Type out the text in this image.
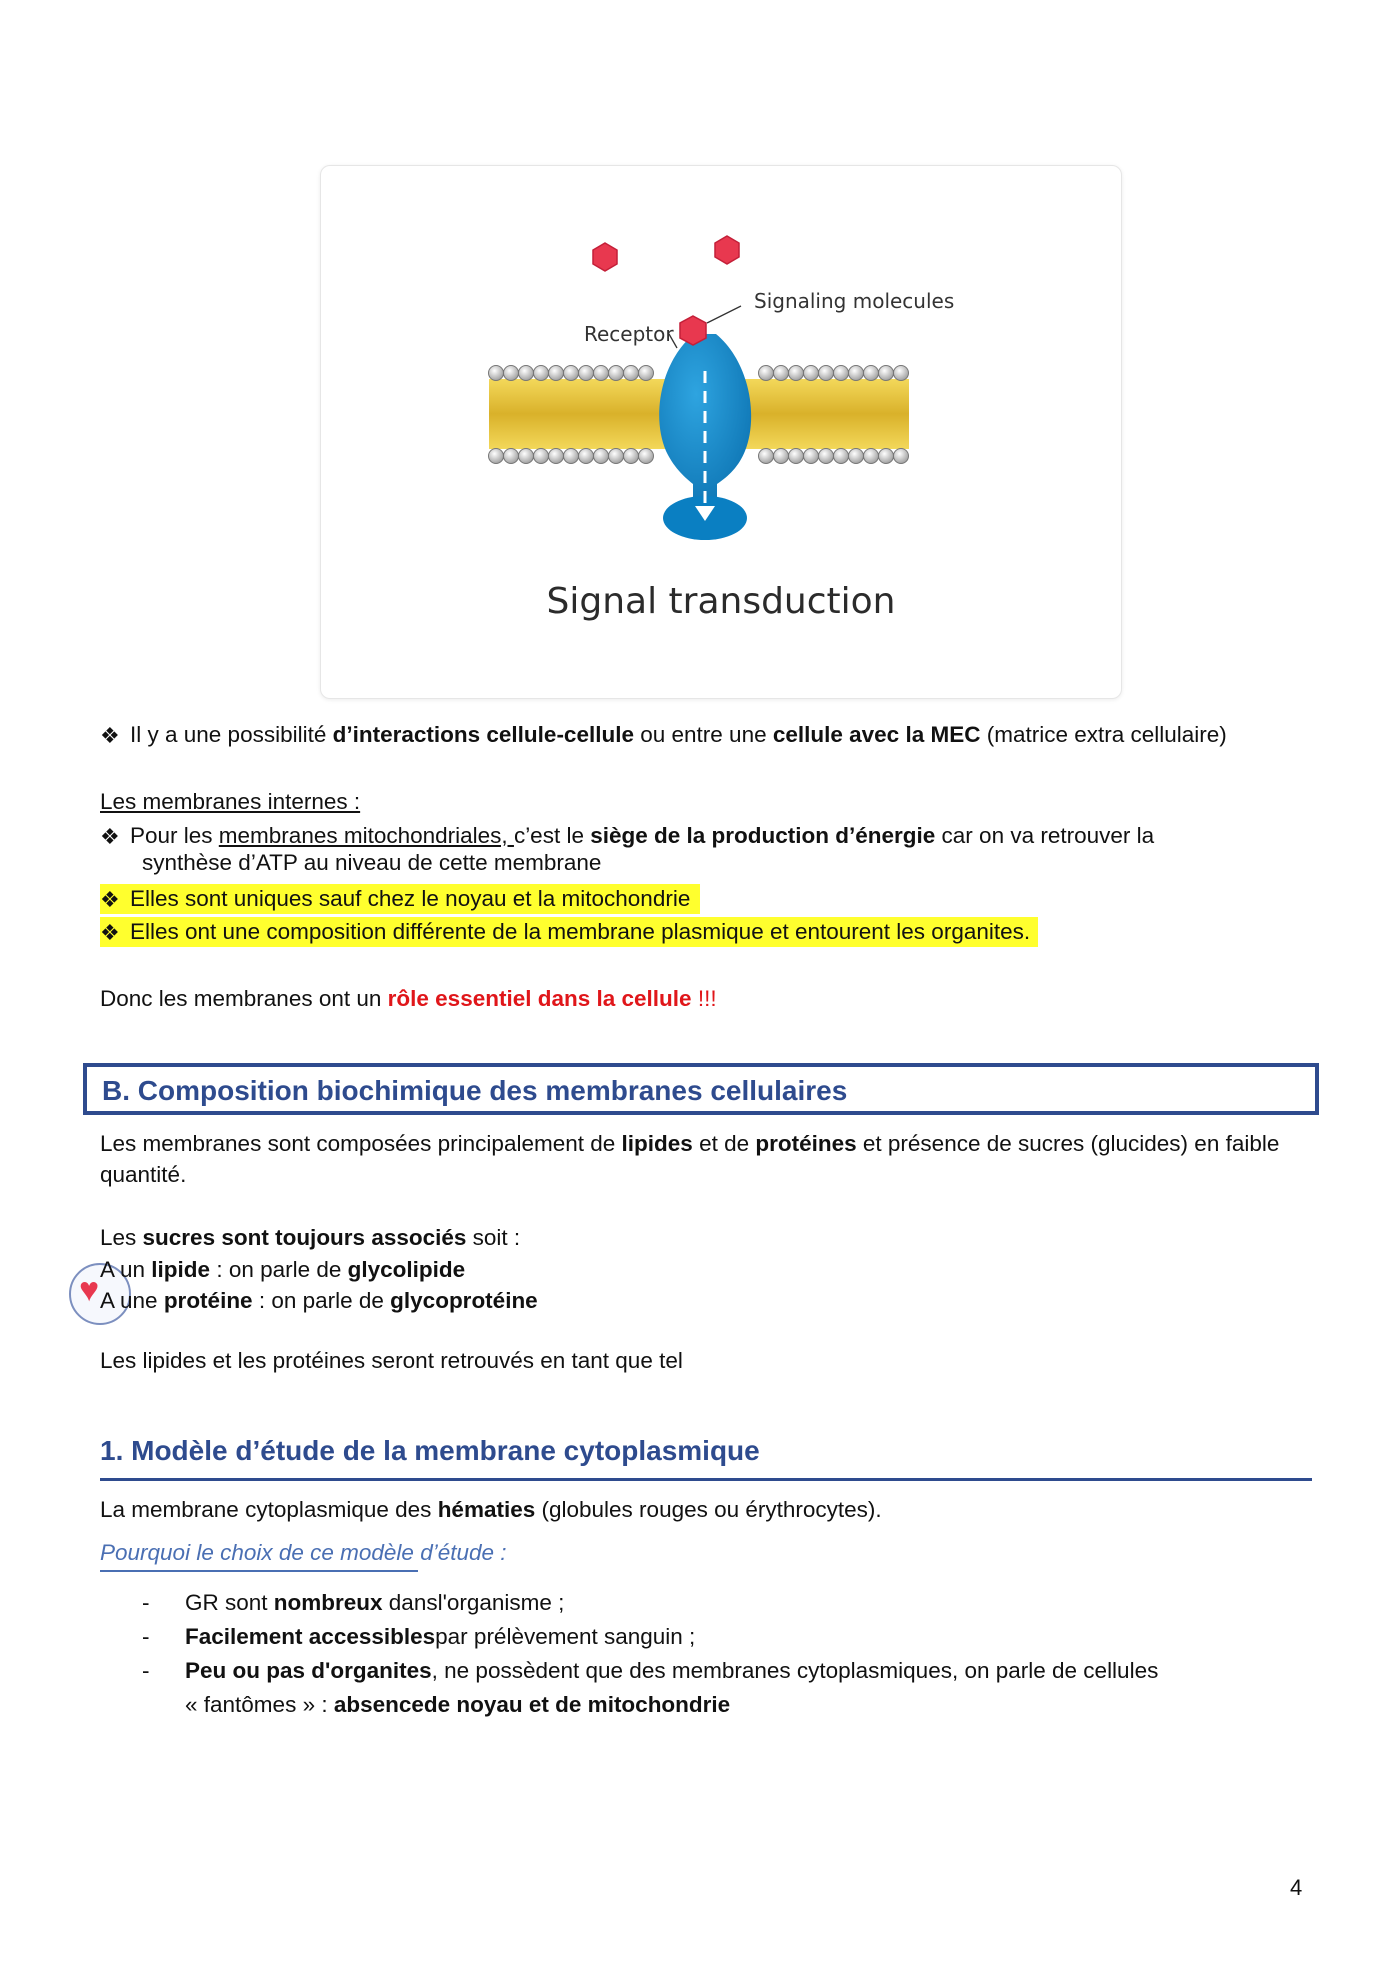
Signaling molecules
Receptor
Signal transduction
❖ Il y a une possibilité d’interactions cellule-cellule ou entre une cellule avec la MEC (matrice extra cellulaire)
Les membranes internes :
❖ Pour les membranes mitochondriales, c’est le siège de la production d’énergie car on va retrouver la
synthèse d’ATP au niveau de cette membrane
❖ Elles sont uniques sauf chez le noyau et la mitochondrie
❖ Elles ont une composition différente de la membrane plasmique et entourent les organites.
Donc les membranes ont un rôle essentiel dans la cellule !!!
B. Composition biochimique des membranes cellulaires
Les membranes sont composées principalement de lipides et de protéines et présence de sucres (glucides) en faible
quantité.
Les sucres sont toujours associés soit :
♥
A un lipide : on parle de glycolipide
A une protéine : on parle de glycoprotéine
Les lipides et les protéines seront retrouvés en tant que tel
1. Modèle d’étude de la membrane cytoplasmique
La membrane cytoplasmique des hématies (globules rouges ou érythrocytes).
Pourquoi le choix de ce modèle d’étude :
- GR sont nombreux dansl'organisme ;
- Facilement accessiblespar prélèvement sanguin ;
- Peu ou pas d'organites, ne possèdent que des membranes cytoplasmiques, on parle de cellules
« fantômes » : absencede noyau et de mitochondrie
4
